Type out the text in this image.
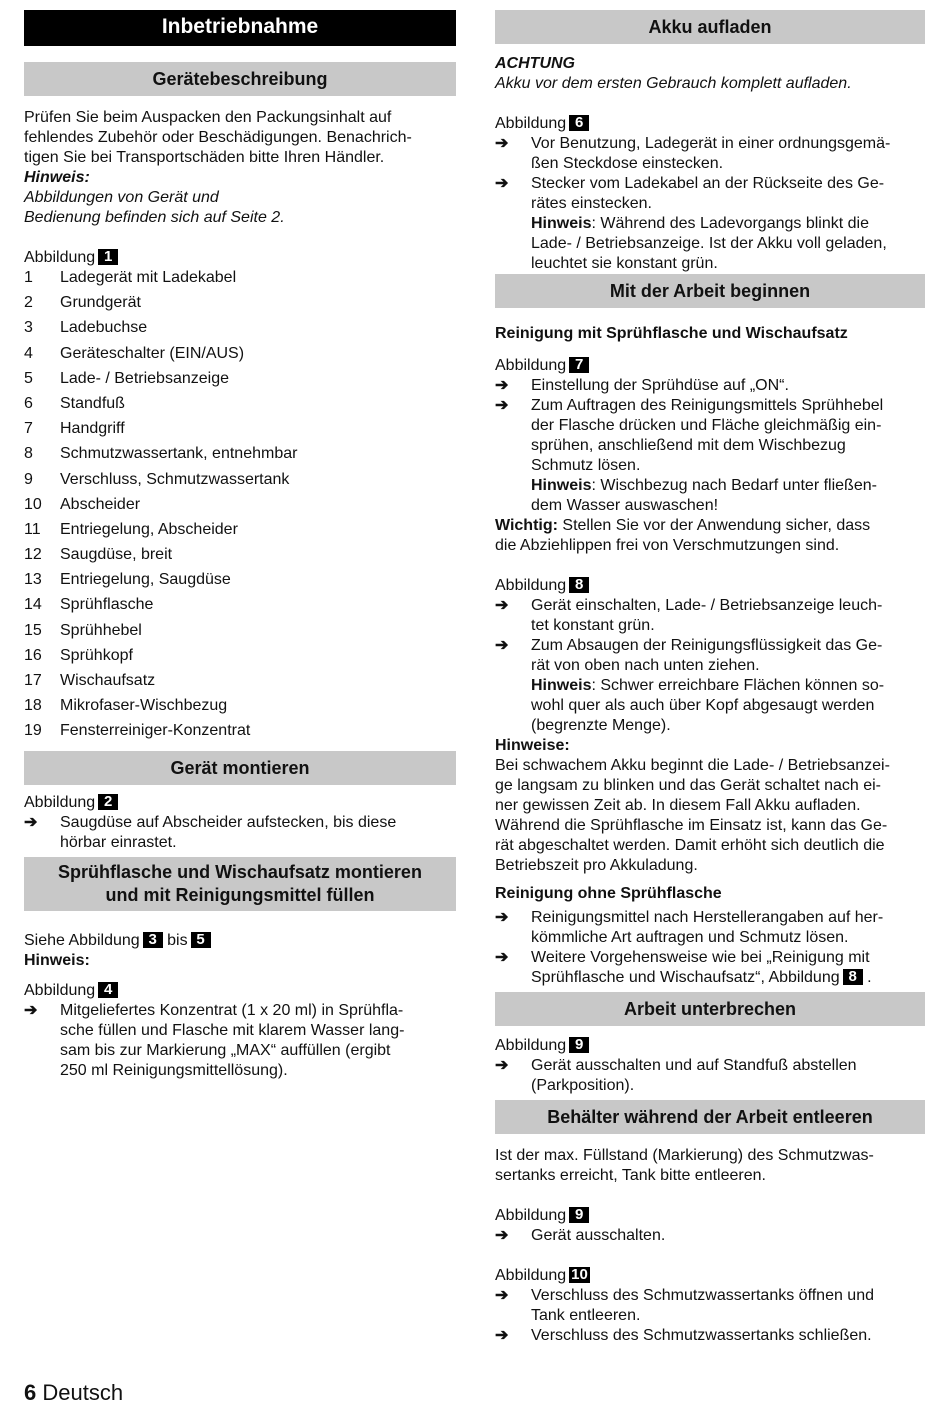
Inbetriebnahme
Gerätebeschreibung

Prüfen Sie beim Auspacken den Packungsinhalt auf
fehlendes Zubehör oder Beschädigungen. Benachrich-
tigen Sie bei Transportschäden bitte Ihren Händler.
Hinweis:
Abbildungen von Gerät und
Bedienung befinden sich auf Seite 2.

Abbildung 1
1	Ladegerät mit Ladekabel
2	Grundgerät
3	Ladebuchse
4	Geräteschalter (EIN/AUS)
5	Lade- / Betriebsanzeige
6	Standfuß
7	Handgriff
8	Schmutzwassertank, entnehmbar
9	Verschluss, Schmutzwassertank
10	Abscheider
11	Entriegelung, Abscheider
12	Saugdüse, breit
13	Entriegelung, Saugdüse
14	Sprühflasche
15	Sprühhebel
16	Sprühkopf
17	Wischaufsatz
18	Mikrofaser-Wischbezug
19	Fensterreiniger-Konzentrat
Gerät montieren
Abbildung 2
➔	Saugdüse auf Abscheider aufstecken, bis diese
hörbar einrastet.
Sprühflasche und Wischaufsatz montieren
und mit Reinigungsmittel füllen
Siehe Abbildung 3 bis 5
Hinweis:
Abbildung 4
➔	Mitgeliefertes Konzentrat (1 x 20 ml) in Sprühfla-
sche füllen und Flasche mit klarem Wasser lang-
sam bis zur Markierung „MAX“ auffüllen (ergibt
250 ml Reinigungsmittellösung).
Akku aufladen
ACHTUNG
Akku vor dem ersten Gebrauch komplett aufladen.
Abbildung 6
➔	Vor Benutzung, Ladegerät in einer ordnungsgemä-
ßen Steckdose einstecken.
➔	Stecker vom Ladekabel an der Rückseite des Ge-
rätes einstecken.
Hinweis: Während des Ladevorgangs blinkt die
Lade- / Betriebsanzeige. Ist der Akku voll geladen,
leuchtet sie konstant grün.
Mit der Arbeit beginnen
Reinigung mit Sprühflasche und Wischaufsatz
Abbildung 7
➔	Einstellung der Sprühdüse auf „ON“.
➔	Zum Auftragen des Reinigungsmittels Sprühhebel
der Flasche drücken und Fläche gleichmäßig ein-
sprühen, anschließend mit dem Wischbezug
Schmutz lösen.
Hinweis: Wischbezug nach Bedarf unter fließen-
dem Wasser auswaschen!
Wichtig: Stellen Sie vor der Anwendung sicher, dass
die Abziehlippen frei von Verschmutzungen sind.
Abbildung 8
➔	Gerät einschalten, Lade- / Betriebsanzeige leuch-
tet konstant grün.
➔	Zum Absaugen der Reinigungsflüssigkeit das Ge-
rät von oben nach unten ziehen.
Hinweis: Schwer erreichbare Flächen können so-
wohl quer als auch über Kopf abgesaugt werden
(begrenzte Menge).
Hinweise:
Bei schwachem Akku beginnt die Lade- / Betriebsanzei-
ge langsam zu blinken und das Gerät schaltet nach ei-
ner gewissen Zeit ab. In diesem Fall Akku aufladen.
Während die Sprühflasche im Einsatz ist, kann das Ge-
rät abgeschaltet werden. Damit erhöht sich deutlich die
Betriebszeit pro Akkuladung.
Reinigung ohne Sprühflasche
➔	Reinigungsmittel nach Herstellerangaben auf her-
kömmliche Art auftragen und Schmutz lösen.
➔	Weitere Vorgehensweise wie bei „Reinigung mit
Sprühflasche und Wischaufsatz“, Abbildung 8 .
Arbeit unterbrechen
Abbildung 9
➔	Gerät ausschalten und auf Standfuß abstellen
(Parkposition).
Behälter während der Arbeit entleeren
Ist der max. Füllstand (Markierung) des Schmutzwas-
sertanks erreicht, Tank bitte entleeren.
Abbildung 9
➔	Gerät ausschalten.
Abbildung 10
➔	Verschluss des Schmutzwassertanks öffnen und
Tank entleeren.
➔	Verschluss des Schmutzwassertanks schließen.
6 Deutsch
